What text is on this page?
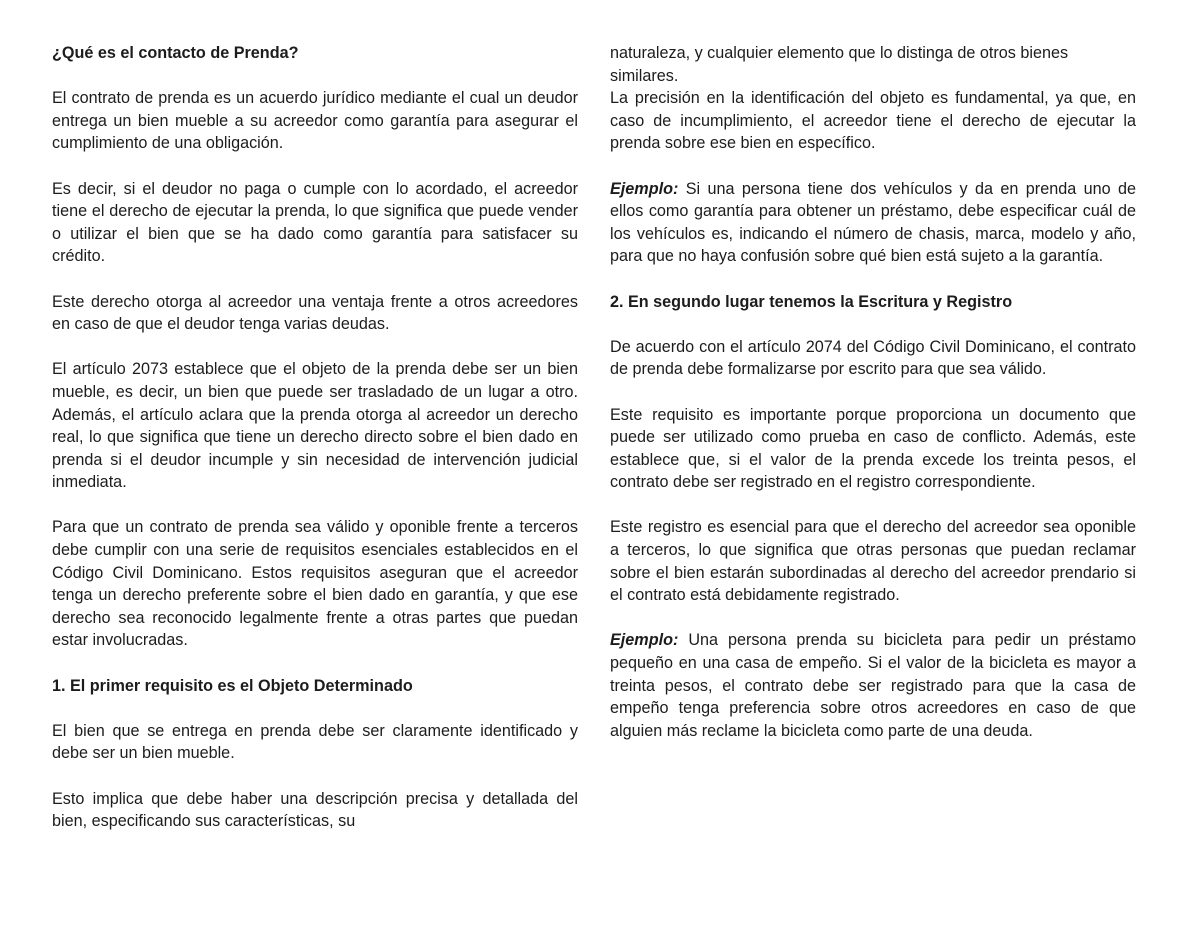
¿Qué es el contacto de Prenda?

El contrato de prenda es un acuerdo jurídico mediante el cual un deudor entrega un bien mueble a su acreedor como garantía para asegurar el cumplimiento de una obligación.

Es decir, si el deudor no paga o cumple con lo acordado, el acreedor tiene el derecho de ejecutar la prenda, lo que significa que puede vender o utilizar el bien que se ha dado como garantía para satisfacer su crédito.

Este derecho otorga al acreedor una ventaja frente a otros acreedores en caso de que el deudor tenga varias deudas.

El artículo 2073 establece que el objeto de la prenda debe ser un bien mueble, es decir, un bien que puede ser trasladado de un lugar a otro. Además, el artículo aclara que la prenda otorga al acreedor un derecho real, lo que significa que tiene un derecho directo sobre el bien dado en prenda si el deudor incumple y sin necesidad de intervención judicial inmediata.

Para que un contrato de prenda sea válido y oponible frente a terceros debe cumplir con una serie de requisitos esenciales establecidos en el Código Civil Dominicano. Estos requisitos aseguran que el acreedor tenga un derecho preferente sobre el bien dado en garantía, y que ese derecho sea reconocido legalmente frente a otras partes que puedan estar involucradas.

1. El primer requisito es el Objeto Determinado

El bien que se entrega en prenda debe ser claramente identificado y debe ser un bien mueble.

Esto implica que debe haber una descripción precisa y detallada del bien, especificando sus características, su

naturaleza, y cualquier elemento que lo distinga de otros bienes similares.

La precisión en la identificación del objeto es fundamental, ya que, en caso de incumplimiento, el acreedor tiene el derecho de ejecutar la prenda sobre ese bien en específico.

Ejemplo: Si una persona tiene dos vehículos y da en prenda uno de ellos como garantía para obtener un préstamo, debe especificar cuál de los vehículos es, indicando el número de chasis, marca, modelo y año, para que no haya confusión sobre qué bien está sujeto a la garantía.

2. En segundo lugar tenemos la Escritura y Registro

De acuerdo con el artículo 2074 del Código Civil Dominicano, el contrato de prenda debe formalizarse por escrito para que sea válido.

Este requisito es importante porque proporciona un documento que puede ser utilizado como prueba en caso de conflicto. Además, este establece que, si el valor de la prenda excede los treinta pesos, el contrato debe ser registrado en el registro correspondiente.

Este registro es esencial para que el derecho del acreedor sea oponible a terceros, lo que significa que otras personas que puedan reclamar sobre el bien estarán subordinadas al derecho del acreedor prendario si el contrato está debidamente registrado.

Ejemplo: Una persona prenda su bicicleta para pedir un préstamo pequeño en una casa de empeño. Si el valor de la bicicleta es mayor a treinta pesos, el contrato debe ser registrado para que la casa de empeño tenga preferencia sobre otros acreedores en caso de que alguien más reclame la bicicleta como parte de una deuda.
